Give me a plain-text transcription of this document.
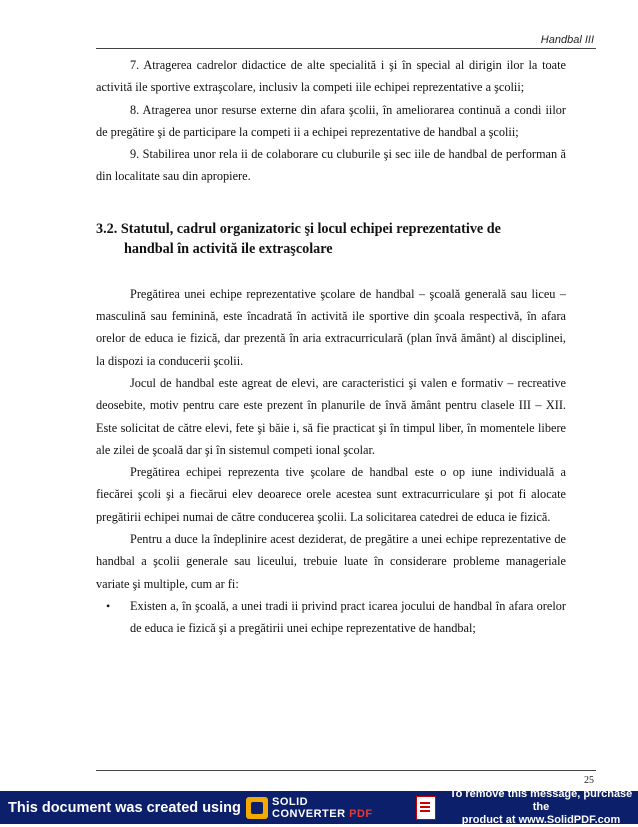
Handbal III

7. Atragerea cadrelor didactice de alte specialită i şi în special al dirigin ilor la toate activită ile sportive extraşcolare, inclusiv la competi iile echipei reprezentative a şcolii;

8. Atragerea unor resurse externe din afara şcolii, în ameliorarea continuă a condi iilor de pregătire şi de participare la competi ii a echipei reprezentative de handbal a şcolii;

9. Stabilirea unor rela ii de colaborare cu cluburile şi sec iile de handbal de performan ă din localitate sau din apropiere.

3.2. Statutul, cadrul organizatoric şi locul echipei reprezentative de
handbal în activită ile extraşcolare

Pregătirea unei echipe reprezentative şcolare de handbal – şcoală generală sau liceu – masculină sau feminină, este încadrată în activită ile sportive din şcoala respectivă, în afara orelor de educa ie fizică, dar prezentă în aria extracurriculară (plan învă ământ) al disciplinei, la dispozi ia conducerii şcolii.

Jocul de handbal este agreat de elevi, are caracteristici şi valen e formativ – recreative deosebite, motiv pentru care este prezent în planurile de învă ământ pentru clasele III – XII. Este solicitat de către elevi, fete şi băie i, să fie practicat şi în timpul liber, în momentele libere ale zilei de şcoală dar şi în sistemul competi ional şcolar.

Pregătirea echipei reprezenta tive şcolare de handbal este o op iune individuală a fiecărei şcoli şi a fiecărui elev deoarece orele acestea sunt extracurriculare şi pot fi alocate pregătirii echipei numai de către conducerea şcolii. La solicitarea catedrei de educa ie fizică.

Pentru a duce la îndeplinire acest deziderat, de pregătire a unei echipe reprezentative de handbal a şcolii generale sau liceului, trebuie luate în considerare probleme manageriale variate şi multiple, cum ar fi:

•	Existen a, în şcoală, a unei tradi ii privind pract icarea jocului de handbal în afara orelor de educa ie fizică şi a pregătirii unei echipe reprezentative de handbal;

25
This document was created using	SOLID
CONVERTER PDF
To remove this message, purchase the
product at www.SolidPDF.com
